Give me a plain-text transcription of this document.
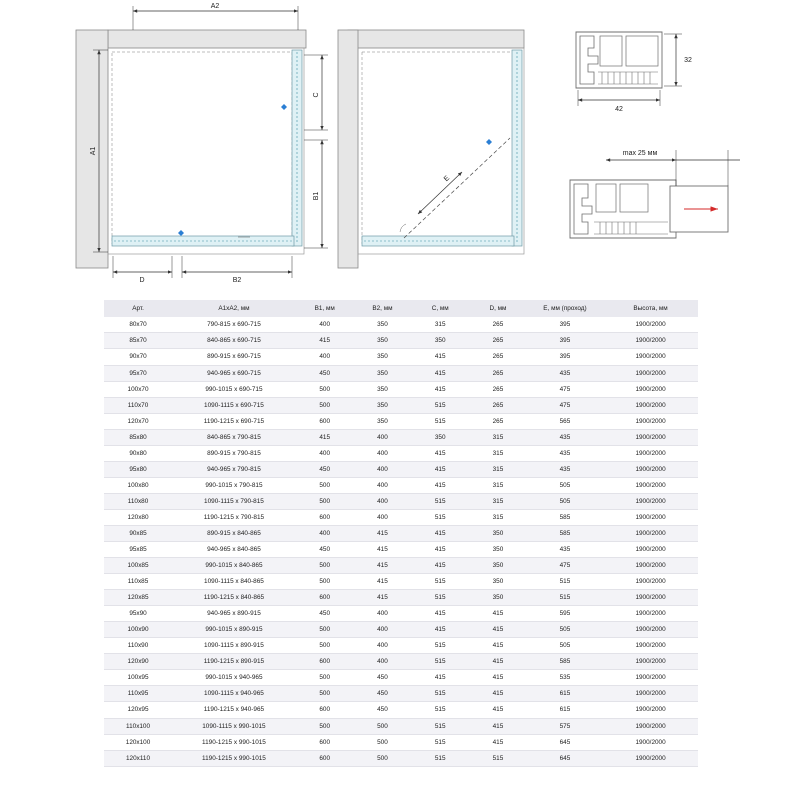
A2
A1
C
B1
D	B2
E
42
32
max 25 мм
Арт.	А1хА2, мм	В1, мм	В2, мм	С, мм	D, мм	Е, мм (проход)	Высота, мм
80х70	790-815 х 690-715	400	350	315	265	395	1900/2000
85х70	840-865 х 690-715	415	350	350	265	395	1900/2000
90х70	890-915 х 690-715	400	350	415	265	395	1900/2000
95х70	940-965 х 690-715	450	350	415	265	435	1900/2000
100х70	990-1015 х 690-715	500	350	415	265	475	1900/2000
110х70	1090-1115 х 690-715	500	350	515	265	475	1900/2000
120х70	1190-1215 х 690-715	600	350	515	265	565	1900/2000
85х80	840-865 х 790-815	415	400	350	315	435	1900/2000
90х80	890-915 х 790-815	400	400	415	315	435	1900/2000
95х80	940-965 х 790-815	450	400	415	315	435	1900/2000
100х80	990-1015 х 790-815	500	400	415	315	505	1900/2000
110х80	1090-1115 х 790-815	500	400	515	315	505	1900/2000
120х80	1190-1215 х 790-815	600	400	515	315	585	1900/2000
90х85	890-915 х 840-865	400	415	415	350	585	1900/2000
95х85	940-965 х 840-865	450	415	415	350	435	1900/2000
100х85	990-1015 х 840-865	500	415	415	350	475	1900/2000
110х85	1090-1115 х 840-865	500	415	515	350	515	1900/2000
120х85	1190-1215 х 840-865	600	415	515	350	515	1900/2000
95х90	940-965 х 890-915	450	400	415	415	595	1900/2000
100х90	990-1015 х 890-915	500	400	415	415	505	1900/2000
110х90	1090-1115 х 890-915	500	400	515	415	505	1900/2000
120х90	1190-1215 х 890-915	600	400	515	415	585	1900/2000
100х95	990-1015 х 940-965	500	450	415	415	535	1900/2000
110х95	1090-1115 х 940-965	500	450	515	415	615	1900/2000
120х95	1190-1215 х 940-965	600	450	515	415	615	1900/2000
110х100	1090-1115 х 990-1015	500	500	515	415	575	1900/2000
120х100	1190-1215 х 990-1015	600	500	515	415	645	1900/2000
120х110	1190-1215 х 990-1015	600	500	515	515	645	1900/2000
